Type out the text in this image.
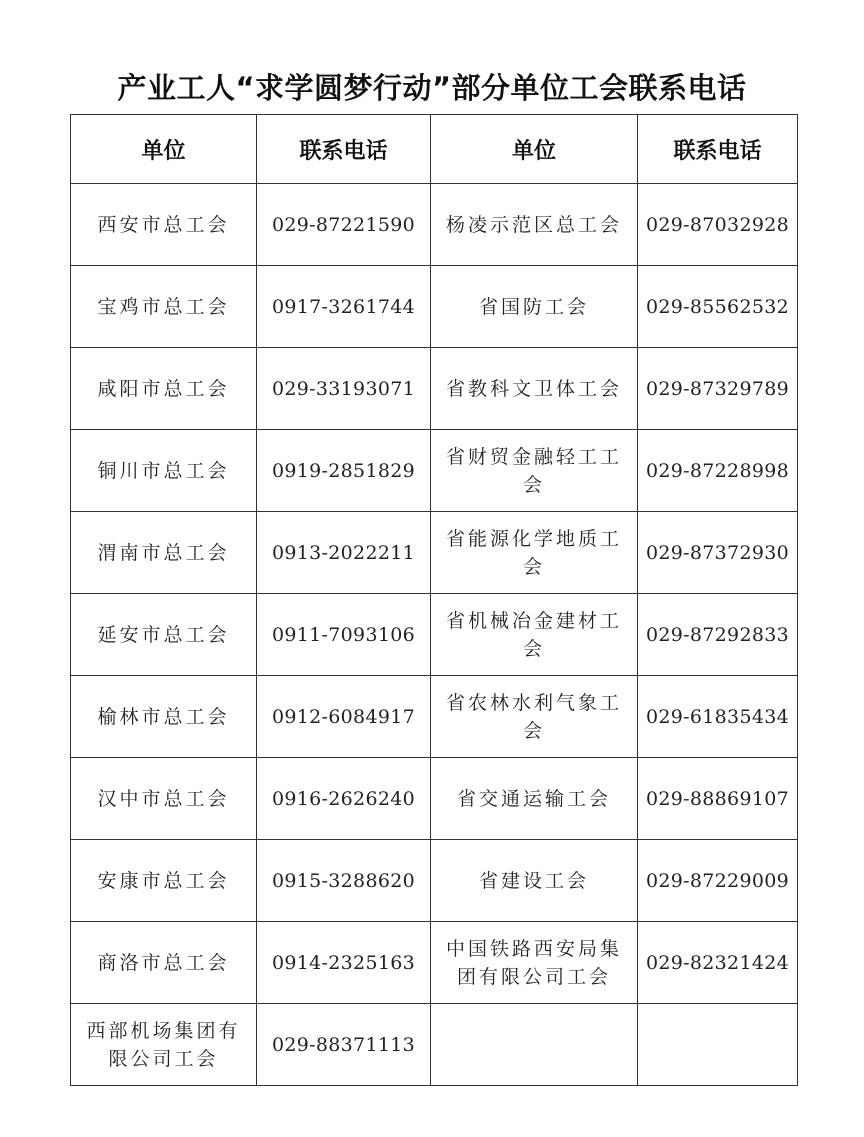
产业工人“求学圆梦行动”部分单位工会联系电话
单位	联系电话	单位	联系电话
西安市总工会	029-87221590	杨凌示范区总工会	029-87032928
宝鸡市总工会	0917-3261744	省国防工会	029-85562532
咸阳市总工会	029-33193071	省教科文卫体工会	029-87329789
铜川市总工会	0919-2851829	省财贸金融轻工工会	029-87228998
渭南市总工会	0913-2022211	省能源化学地质工会	029-87372930
延安市总工会	0911-7093106	省机械冶金建材工会	029-87292833
榆林市总工会	0912-6084917	省农林水利气象工会	029-61835434
汉中市总工会	0916-2626240	省交通运输工会	029-88869107
安康市总工会	0915-3288620	省建设工会	029-87229009
商洛市总工会	0914-2325163	中国铁路西安局集团有限公司工会	029-82321424
西部机场集团有限公司工会	029-88371113		
